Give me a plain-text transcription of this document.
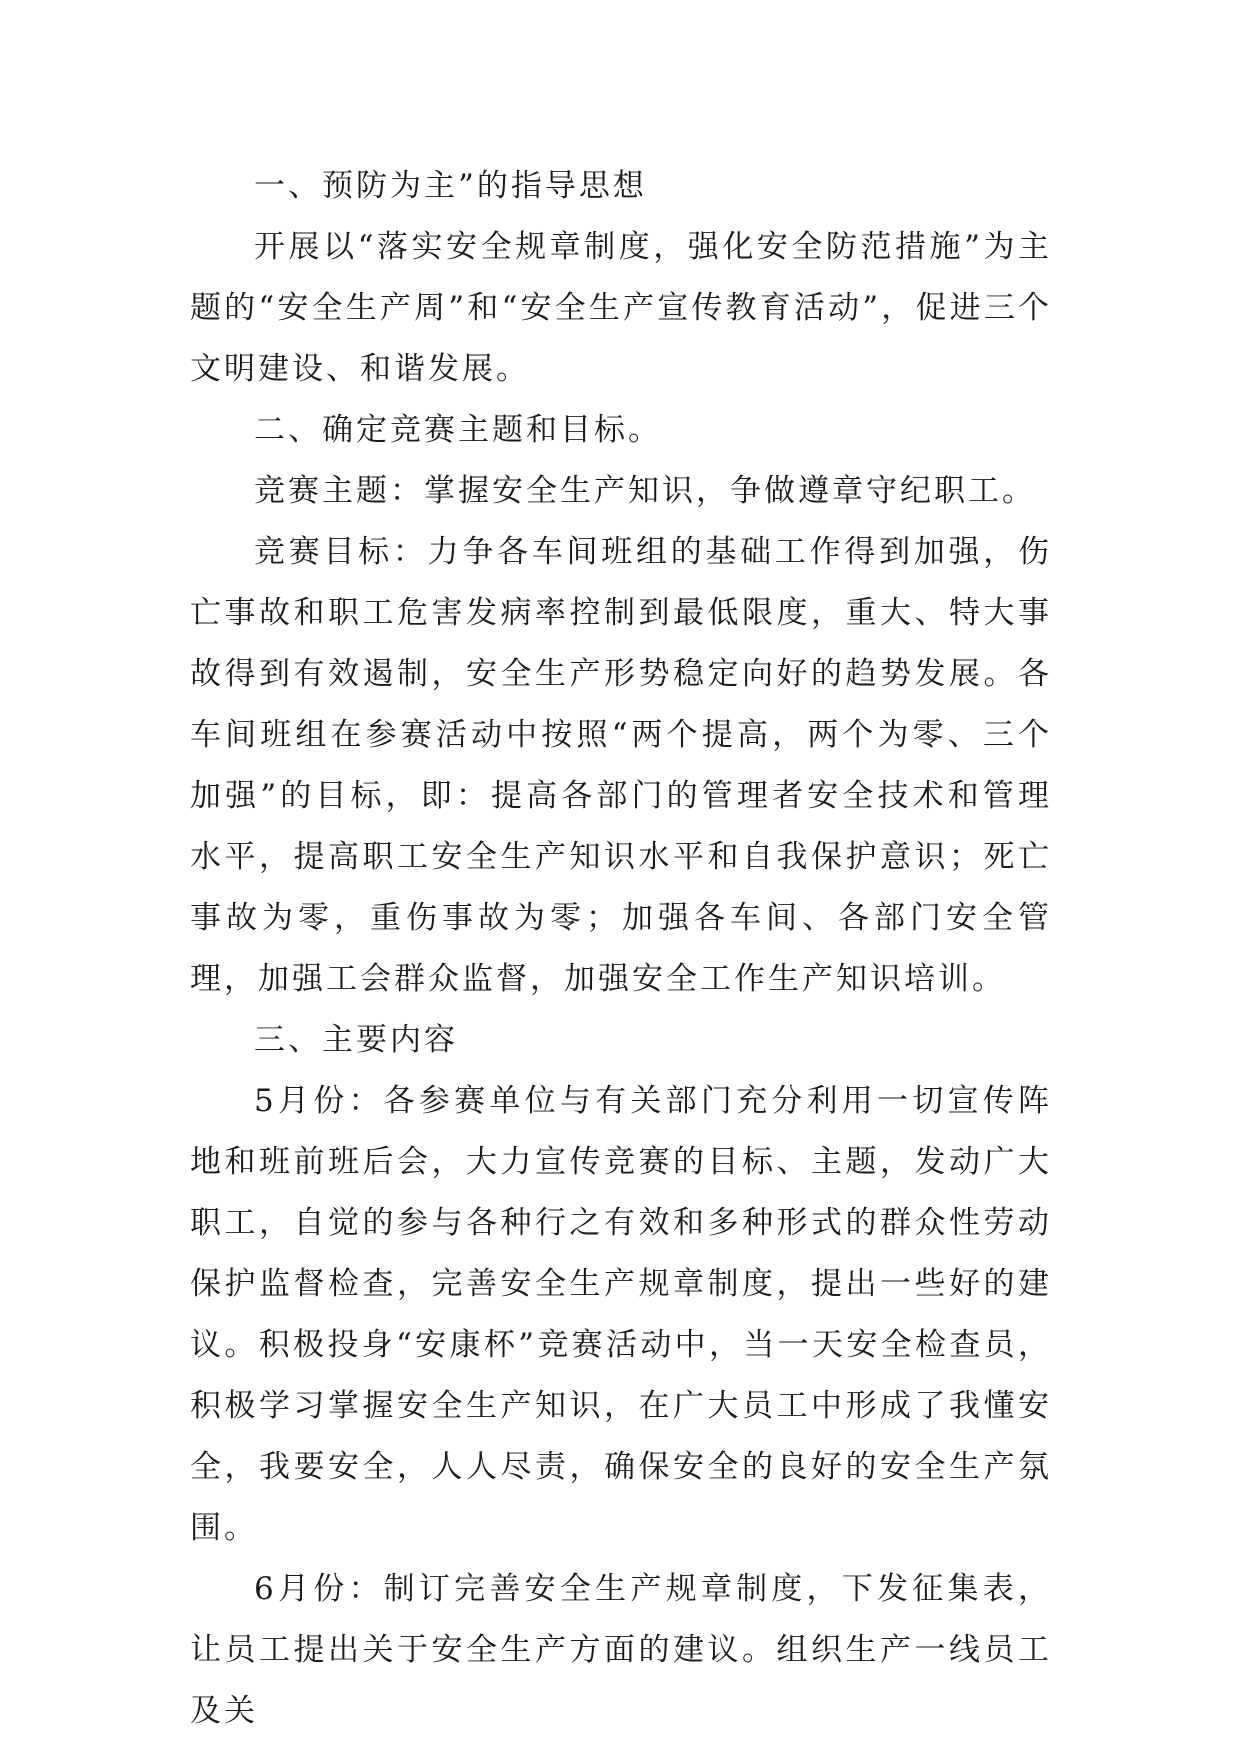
一、预防为主”的指导思想

开展以“落实安全规章制度，强化安全防范措施”为主题的“安全生产周”和“安全生产宣传教育活动”，促进三个文明建设、和谐发展。

二、确定竞赛主题和目标。

竞赛主题：掌握安全生产知识，争做遵章守纪职工。

竞赛目标：力争各车间班组的基础工作得到加强，伤亡事故和职工危害发病率控制到最低限度，重大、特大事故得到有效遏制，安全生产形势稳定向好的趋势发展。各车间班组在参赛活动中按照“两个提高，两个为零、三个加强”的目标，即：提高各部门的管理者安全技术和管理水平，提高职工安全生产知识水平和自我保护意识；死亡事故为零，重伤事故为零；加强各车间、各部门安全管理，加强工会群众监督，加强安全工作生产知识培训。

三、主要内容

5月份：各参赛单位与有关部门充分利用一切宣传阵地和班前班后会，大力宣传竞赛的目标、主题，发动广大职工，自觉的参与各种行之有效和多种形式的群众性劳动保护监督检查，完善安全生产规章制度，提出一些好的建议。积极投身“安康杯”竞赛活动中，当一天安全检查员，积极学习掌握安全生产知识，在广大员工中形成了我懂安全，我要安全，人人尽责，确保安全的良好的安全生产氛围。

6月份：制订完善安全生产规章制度，下发征集表，让员工提出关于安全生产方面的建议。组织生产一线员工及关
